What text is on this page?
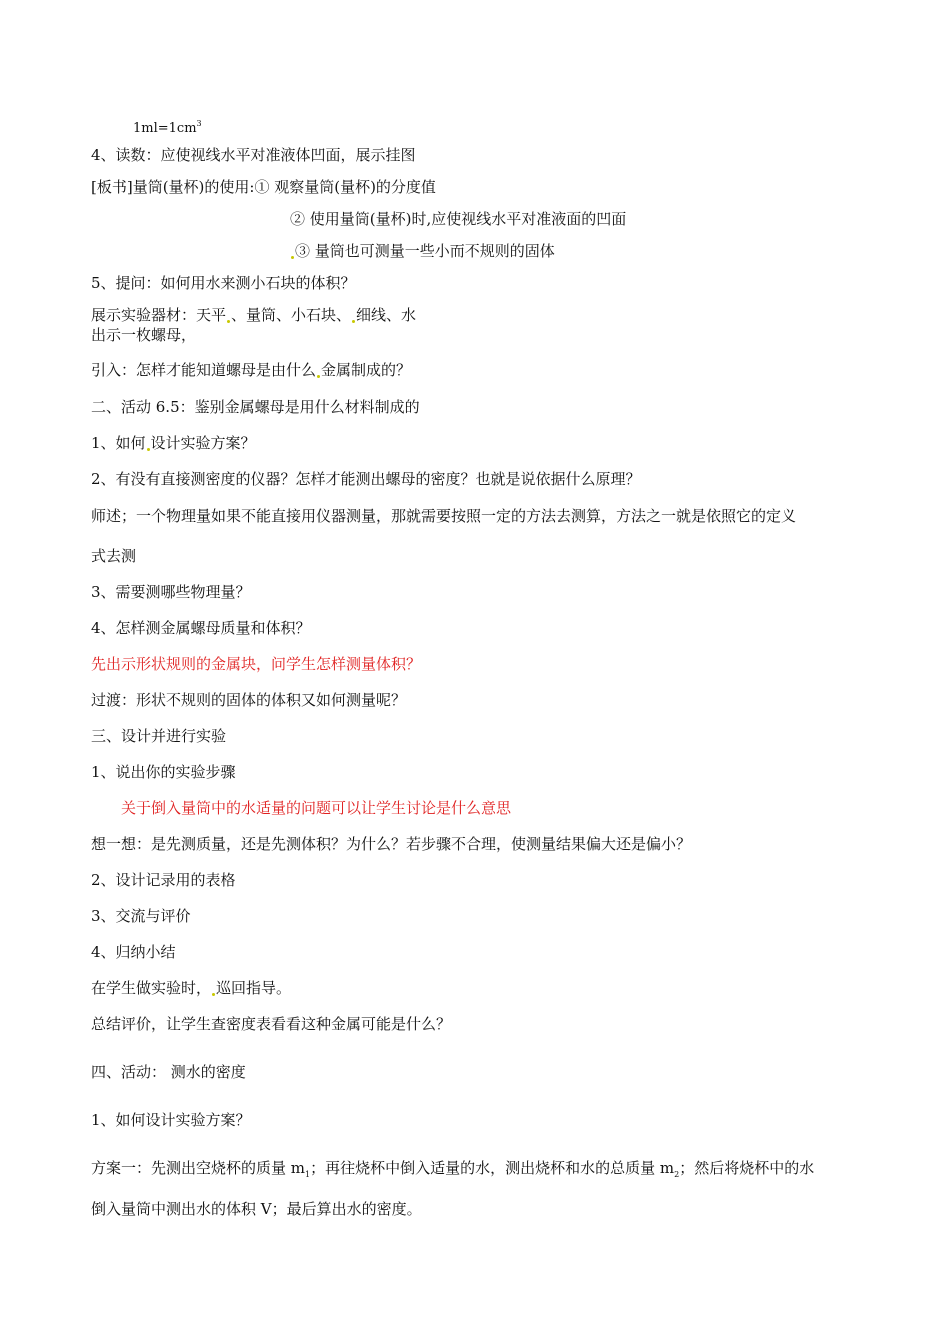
$1ml=1cm^3$
4、读数：应使视线水平对准液体凹面，展示挂图
[板书]量筒(量杯)的使用:① 观察量筒(量杯)的分度值
② 使用量筒(量杯)时,应使视线水平对准液面的凹面
③ 量筒也可测量一些小而不规则的固体
5、提问：如何用水来测小石块的体积？
展示实验器材：天平 、量筒、小石块、 细线、水
出示一枚螺母，
引入：怎样才能知道螺母是由什么 金属制成的？
二、活动 6.5：鉴别金属螺母是用什么材料制成的
1、如何 设计实验方案？
2、有没有直接测密度的仪器？怎样才能测出螺母的密度？也就是说依据什么原理？
师述；一个物理量如果不能直接用仪器测量，那就需要按照一定的方法去测算，方法之一就是依照它的定义
式去测
3、需要测哪些物理量？
4、怎样测金属螺母质量和体积？
先出示形状规则的金属块，问学生怎样测量体积？
过渡：形状不规则的固体的体积又如何测量呢？
三、设计并进行实验
1、说出你的实验步骤
关于倒入量筒中的水适量的问题可以让学生讨论是什么意思
想一想：是先测质量，还是先测体积？为什么？若步骤不合理，使测量结果偏大还是偏小？
2、设计记录用的表格
3、交流与评价
4、归纳小结
在学生做实验时， 巡回指导。
总结评价，让学生查密度表看看这种金属可能是什么？
四、活动： 测水的密度
1、如何设计实验方案？
方案一：先测出空烧杯的质量 $m_1$；再往烧杯中倒入适量的水，测出烧杯和水的总质量 $m_2$；然后将烧杯中的水
倒入量筒中测出水的体积 V；最后算出水的密度。
